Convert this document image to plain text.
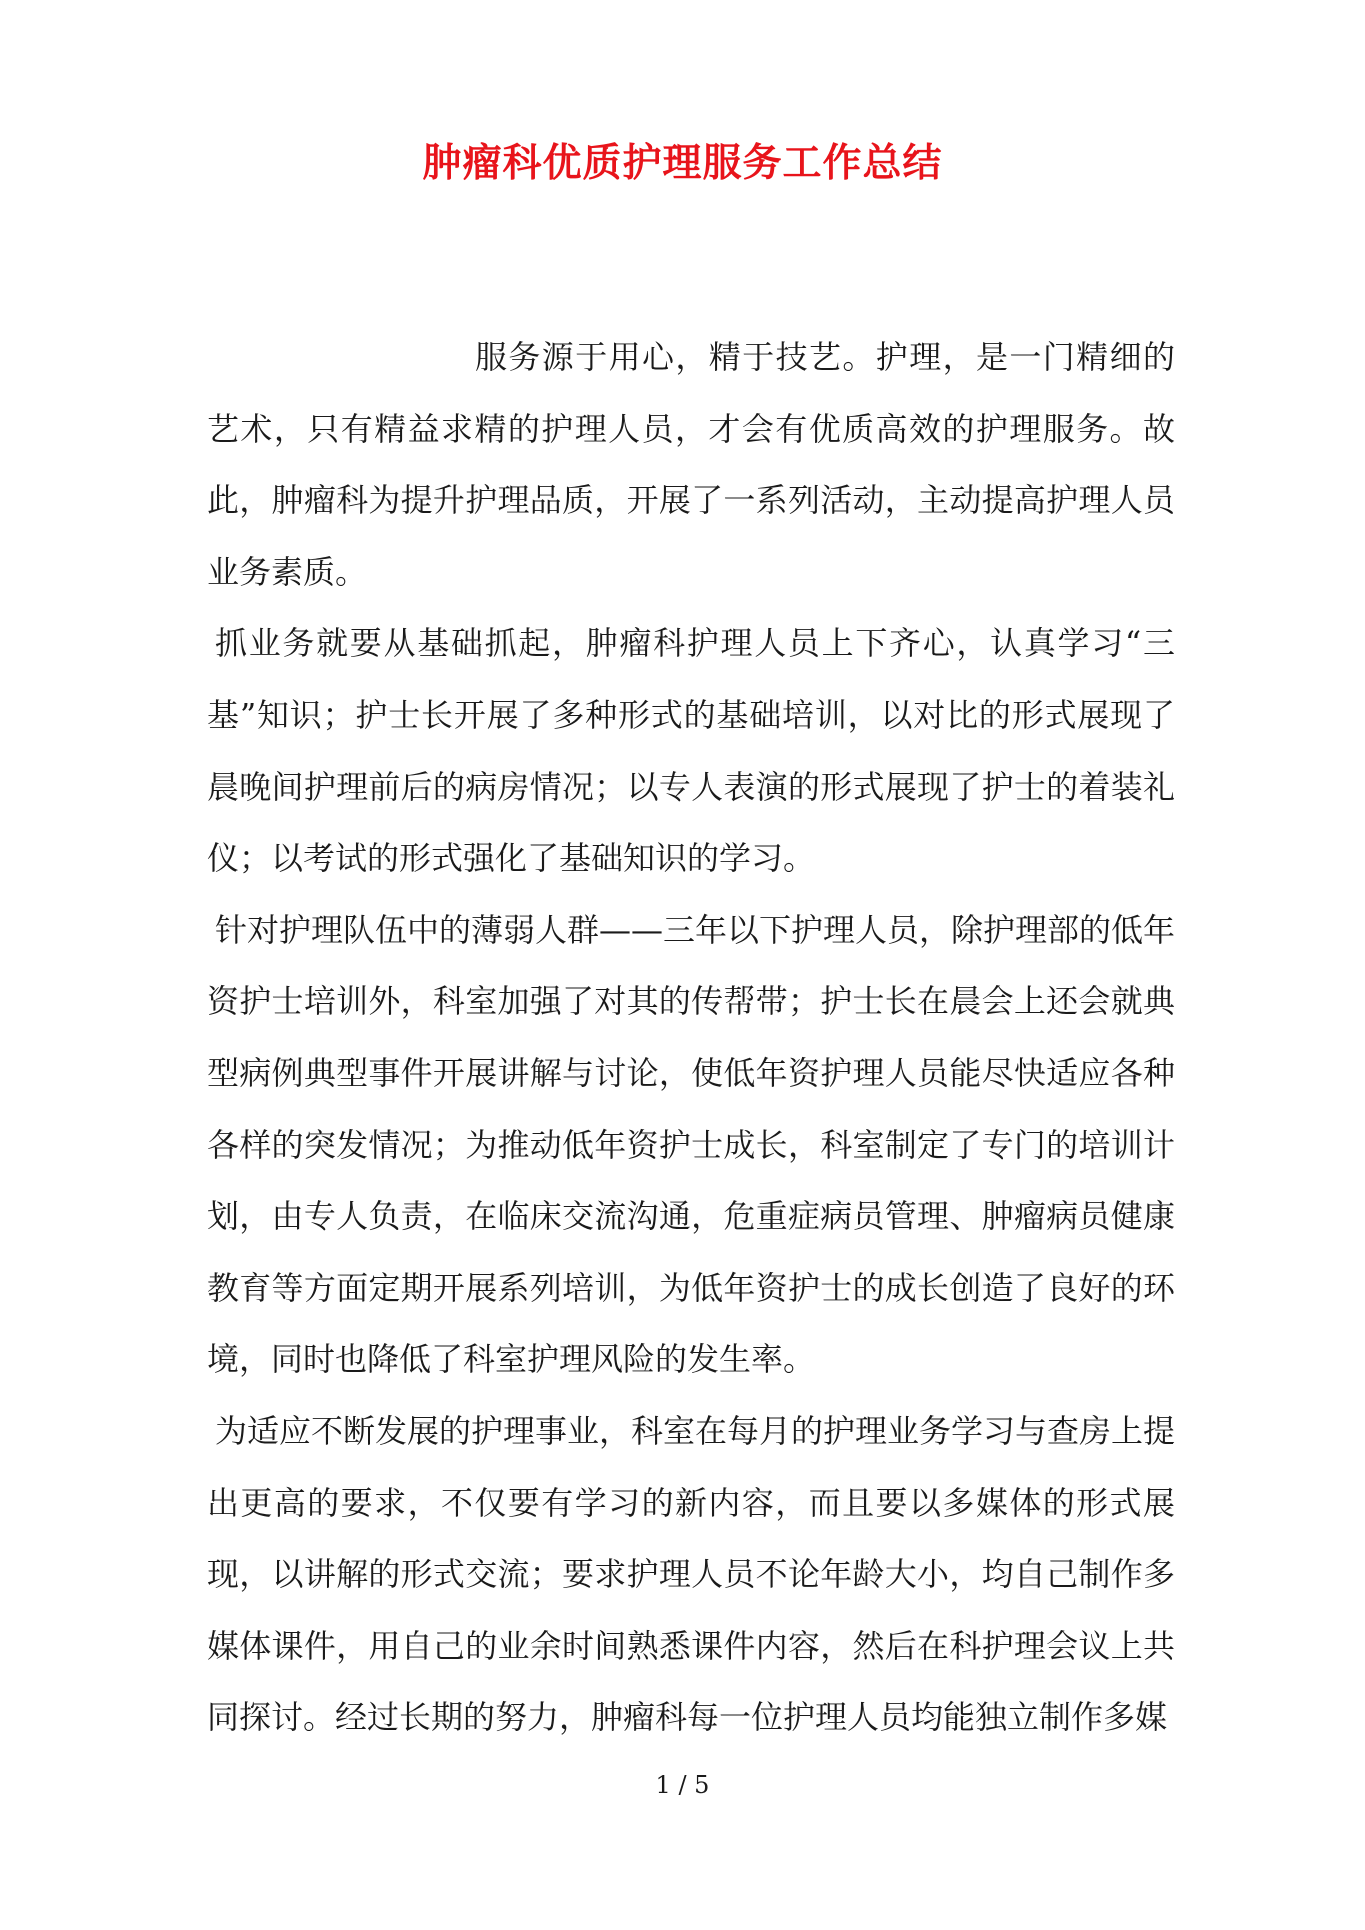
肿瘤科优质护理服务工作总结

服务源于用心，精于技艺。护理，是一门精细的艺术，只有精益求精的护理人员，才会有优质高效的护理服务。故此，肿瘤科为提升护理品质，开展了一系列活动，主动提高护理人员业务素质。

抓业务就要从基础抓起，肿瘤科护理人员上下齐心，认真学习“三基”知识；护士长开展了多种形式的基础培训，以对比的形式展现了晨晚间护理前后的病房情况；以专人表演的形式展现了护士的着装礼仪；以考试的形式强化了基础知识的学习。

针对护理队伍中的薄弱人群——三年以下护理人员，除护理部的低年资护士培训外，科室加强了对其的传帮带；护士长在晨会上还会就典型病例典型事件开展讲解与讨论，使低年资护理人员能尽快适应各种各样的突发情况；为推动低年资护士成长，科室制定了专门的培训计划，由专人负责，在临床交流沟通，危重症病员管理、肿瘤病员健康教育等方面定期开展系列培训，为低年资护士的成长创造了良好的环境，同时也降低了科室护理风险的发生率。

为适应不断发展的护理事业，科室在每月的护理业务学习与查房上提出更高的要求，不仅要有学习的新内容，而且要以多媒体的形式展现，以讲解的形式交流；要求护理人员不论年龄大小，均自己制作多媒体课件，用自己的业余时间熟悉课件内容，然后在科护理会议上共同探讨。经过长期的努力，肿瘤科每一位护理人员均能独立制作多媒

1 / 5
